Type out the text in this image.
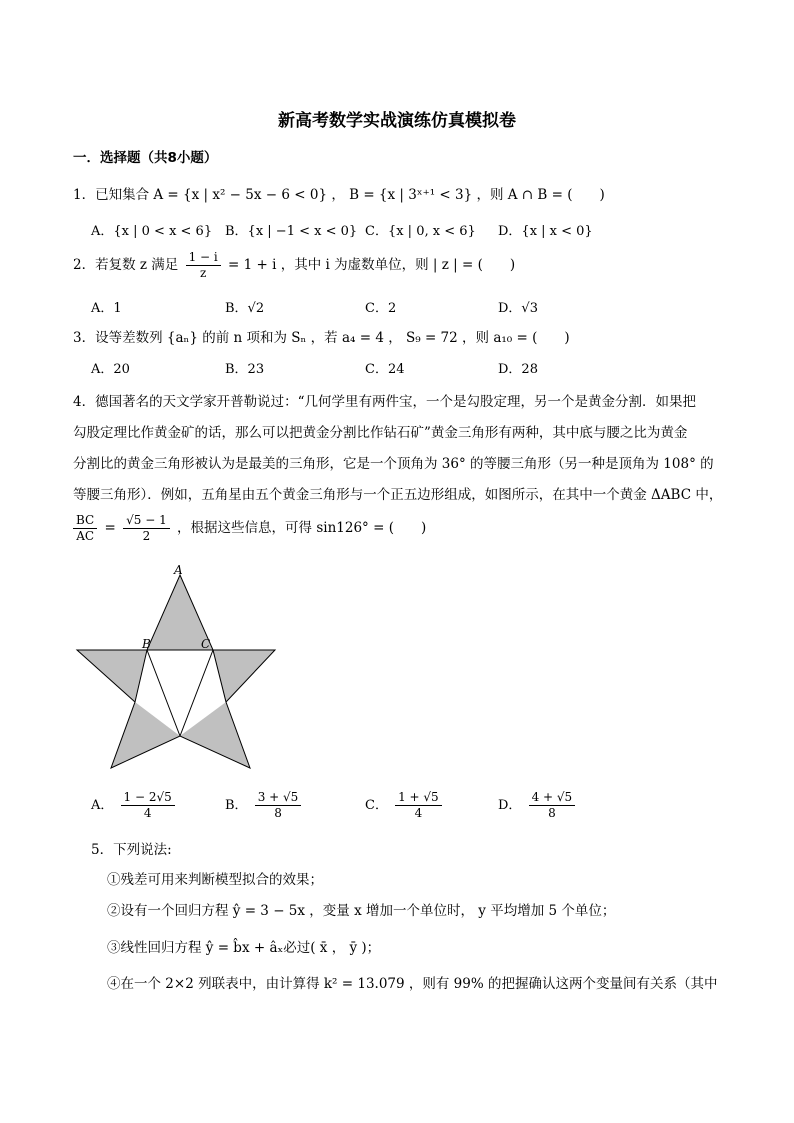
新高考数学实战演练仿真模拟卷
一．选择题（共8小题）
1．已知集合 A = {x | x² − 5x − 6 < 0} ， B = {x | 3ˣ⁺¹ < 3} ，则 A ∩ B = (　　)
A．{x | 0 < x < 6} B．{x | −1 < x < 0} C．{x | 0‚ x < 6} D．{x | x < 0}
2．若复数 z 满足 $\frac{1 - i}{z} = 1 + i$ ，其中 i 为虚数单位，则 | z | = (　　)
A．1	B．√2	C．2	D．√3
3．设等差数列 {aₙ} 的前 n 项和为 Sₙ ，若 a₄ = 4 ， S₉ = 72 ，则 a₁₀ = (　　)
A．20	B．23	C．24	D．28
4．德国著名的天文学家开普勒说过：“几何学里有两件宝，一个是勾股定理，另一个是黄金分割．如果把
勾股定理比作黄金矿的话，那么可以把黄金分割比作钻石矿”黄金三角形有两种，其中底与腰之比为黄金
分割比的黄金三角形被认为是最美的三角形，它是一个顶角为 36° 的等腰三角形（另一种是顶角为 108° 的
等腰三角形）．例如，五角星由五个黄金三角形与一个正五边形组成，如图所示，在其中一个黄金 ΔABC 中，
$\frac{BC}{AC} = \frac{√5 - 1}{2}$ ，根据这些信息，可得 sin126° = (　　)
A
B	C
A． $\frac{1 - 2√5}{4}$	B． $\frac{3 + √5}{8}$	C． $\frac{1 + √5}{4}$	D． $\frac{4 + √5}{8}$
5．下列说法:
①残差可用来判断模型拟合的效果；
②设有一个回归方程 ŷ = 3 − 5x ，变量 x 增加一个单位时， y 平均增加 5 个单位；
③线性回归方程 ŷ = b̂x + âₓ必过( x̄ ， ȳ )；
④在一个 2×2 列联表中，由计算得 k² = 13.079 ，则有 99% 的把握确认这两个变量间有关系（其中
